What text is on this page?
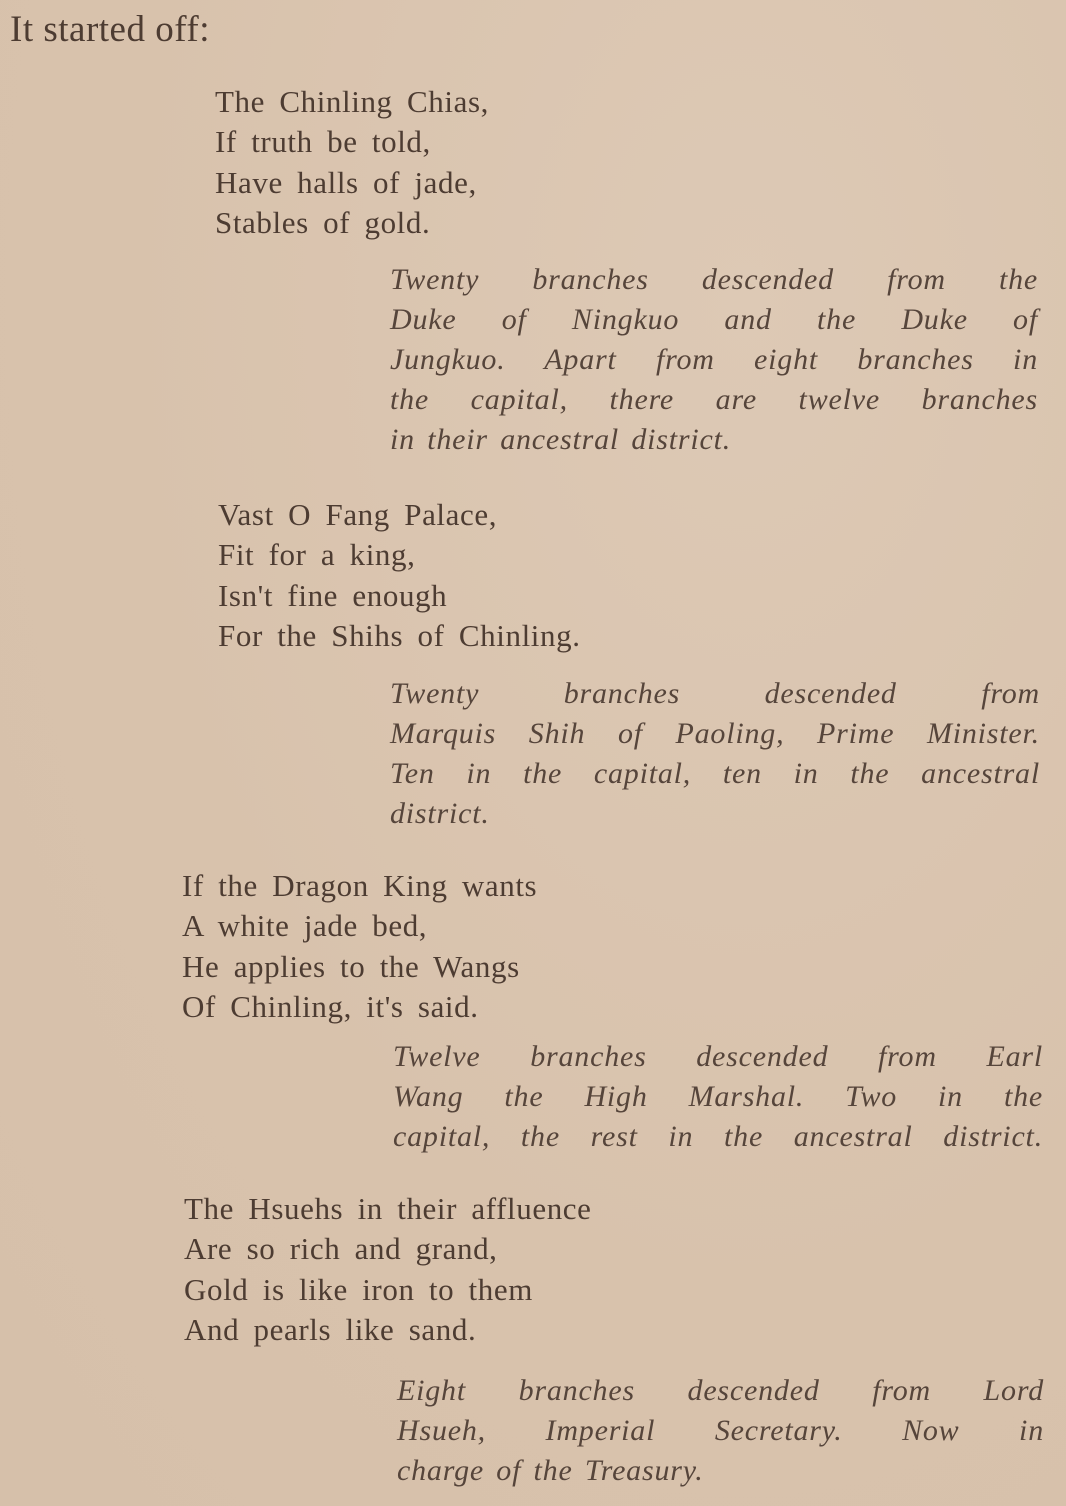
It started off:
The Chinling Chias,
If truth be told,
Have halls of jade,
Stables of gold.
Twenty branches descended from the
Duke of Ningkuo and the Duke of
Jungkuo. Apart from eight branches in
the capital, there are twelve branches
in their ancestral district.
Vast O Fang Palace,
Fit for a king,
Isn't fine enough
For the Shihs of Chinling.
Twenty branches descended from
Marquis Shih of Paoling, Prime Minister.
Ten in the capital, ten in the ancestral
district.
If the Dragon King wants
A white jade bed,
He applies to the Wangs
Of Chinling, it's said.
Twelve branches descended from Earl
Wang the High Marshal. Two in the
capital, the rest in the ancestral district.
The Hsuehs in their affluence
Are so rich and grand,
Gold is like iron to them
And pearls like sand.
Eight branches descended from Lord
Hsueh, Imperial Secretary. Now in
charge of the Treasury.
